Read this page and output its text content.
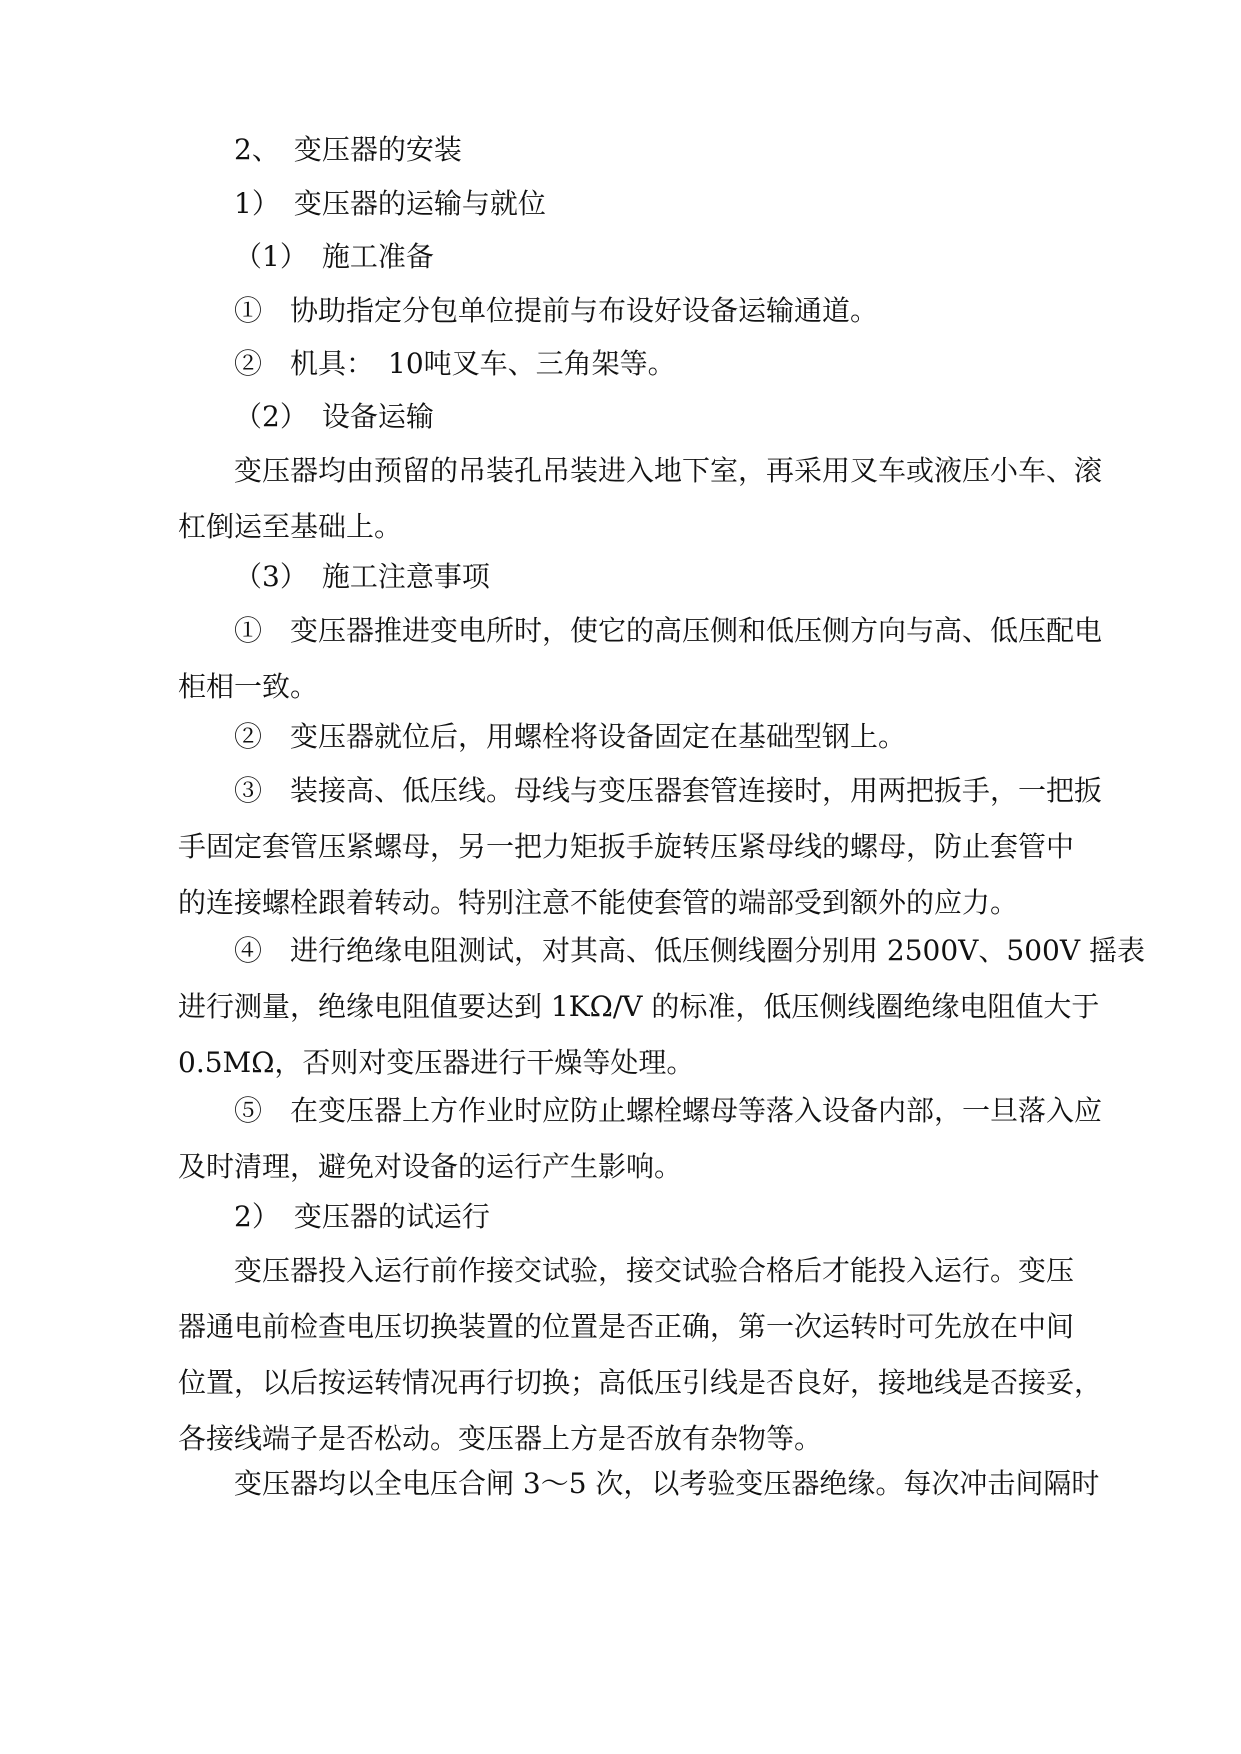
2、　变压器的安装

1）　变压器的运输与就位

（1）　施工准备

①　协助指定分包单位提前与布设好设备运输通道。

②　机具：　10吨叉车、三角架等。

（2）　设备运输

变压器均由预留的吊装孔吊装进入地下室，再采用叉车或液压小车、滚
杠倒运至基础上。

（3）　施工注意事项

①　变压器推进变电所时，使它的高压侧和低压侧方向与高、低压配电
柜相一致。

②　变压器就位后，用螺栓将设备固定在基础型钢上。

③　装接高、低压线。母线与变压器套管连接时，用两把扳手，一把扳
手固定套管压紧螺母，另一把力矩扳手旋转压紧母线的螺母，防止套管中
的连接螺栓跟着转动。特别注意不能使套管的端部受到额外的应力。
④　进行绝缘电阻测试，对其高、低压侧线圈分别用 2500V、500V 摇表
进行测量，绝缘电阻值要达到 1KΩ/V 的标准，低压侧线圈绝缘电阻值大于
0.5MΩ，否则对变压器进行干燥等处理。
⑤　在变压器上方作业时应防止螺栓螺母等落入设备内部，一旦落入应
及时清理，避免对设备的运行产生影响。

2）　变压器的试运行

变压器投入运行前作接交试验，接交试验合格后才能投入运行。变压
器通电前检查电压切换装置的位置是否正确，第一次运转时可先放在中间
位置，以后按运转情况再行切换；高低压引线是否良好，接地线是否接妥，
各接线端子是否松动。变压器上方是否放有杂物等。

变压器均以全电压合闸 3～5 次，以考验变压器绝缘。每次冲击间隔时
